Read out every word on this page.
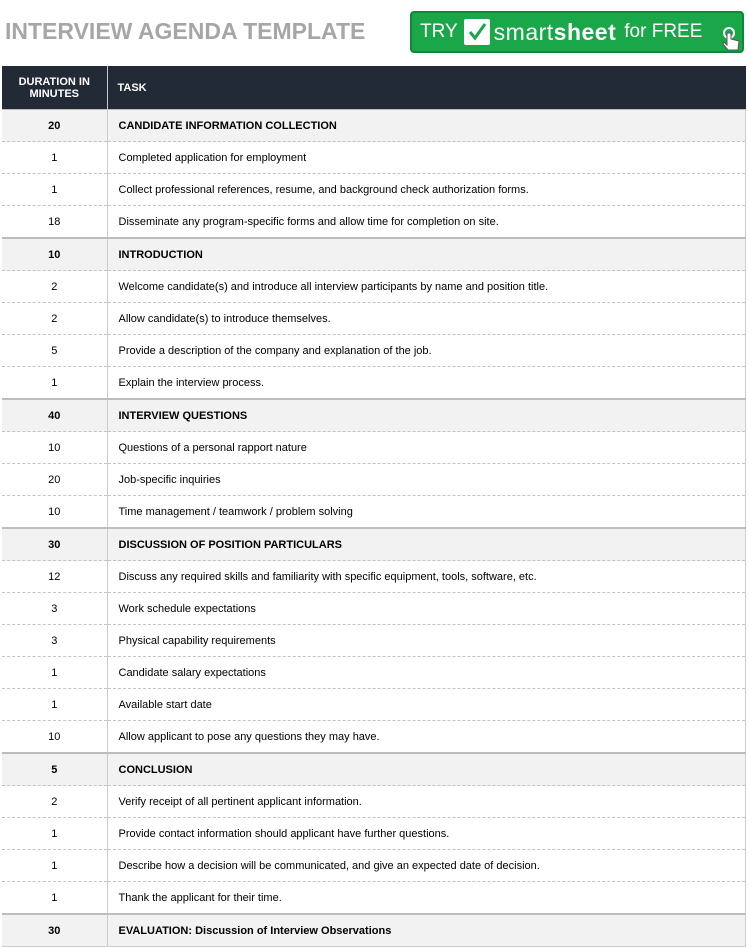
INTERVIEW AGENDA TEMPLATE	TRY smartsheet for FREE
DURATION IN
MINUTES	TASK
20	CANDIDATE INFORMATION COLLECTION
1	Completed application for employment
1	Collect professional references, resume, and background check authorization forms.
18	Disseminate any program-specific forms and allow time for completion on site.
10	INTRODUCTION
2	Welcome candidate(s) and introduce all interview participants by name and position title.
2	Allow candidate(s) to introduce themselves.
5	Provide a description of the company and explanation of the job.
1	Explain the interview process.
40	INTERVIEW QUESTIONS
10	Questions of a personal rapport nature
20	Job-specific inquiries
10	Time management / teamwork / problem solving
30	DISCUSSION OF POSITION PARTICULARS
12	Discuss any required skills and familiarity with specific equipment, tools, software, etc.
3	Work schedule expectations
3	Physical capability requirements
1	Candidate salary expectations
1	Available start date
10	Allow applicant to pose any questions they may have.
5	CONCLUSION
2	Verify receipt of all pertinent applicant information.
1	Provide contact information should applicant have further questions.
1	Describe how a decision will be communicated, and give an expected date of decision.
1	Thank the applicant for their time.
30	EVALUATION: Discussion of Interview Observations
